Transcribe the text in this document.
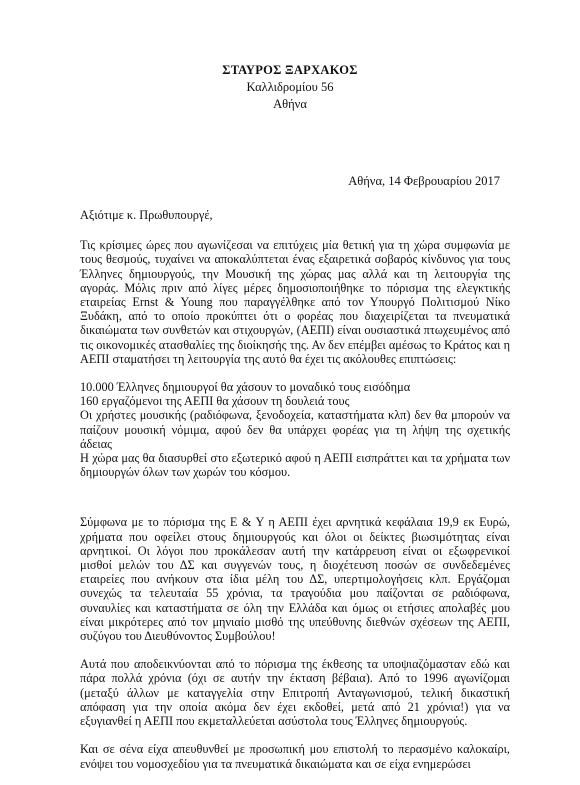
ΣΤΑΥΡΟΣ ΞΑΡΧΑΚΟΣ
Καλλιδρομίου 56
Αθήνα
Αθήνα, 14 Φεβρουαρίου 2017

Αξιότιμε κ. Πρωθυπουργέ,

Τις κρίσιμες ώρες που αγωνίζεσαι να επιτύχεις μία θετική για τη χώρα συμφωνία με τους θεσμούς, τυχαίνει να αποκαλύπτεται ένας εξαιρετικά σοβαρός κίνδυνος για τους Έλληνες δημιουργούς, την Μουσική της χώρας μας αλλά και τη λειτουργία της αγοράς. Μόλις πριν από λίγες μέρες δημοσιοποιήθηκε το πόρισμα της ελεγκτικής εταιρείας Ernst & Young που παραγγέλθηκε από τον Υπουργό Πολιτισμού Νίκο Ξυδάκη, από το οποίο προκύπτει ότι ο φορέας που διαχειρίζεται τα πνευματικά δικαιώματα των συνθετών και στιχουργών, (ΑΕΠΙ) είναι ουσιαστικά πτωχευμένος από τις οικονομικές ατασθαλίες της διοίκησής της. Αν δεν επέμβει αμέσως το Κράτος και η ΑΕΠΙ σταματήσει τη λειτουργία της αυτό θα έχει τις ακόλουθες επιπτώσεις:

10.000 Έλληνες δημιουργοί θα χάσουν το μοναδικό τους εισόδημα
160 εργαζόμενοι της ΑΕΠΙ θα χάσουν τη δουλειά τους
Οι χρήστες μουσικής (ραδιόφωνα, ξενοδοχεία, καταστήματα κλπ) δεν θα μπορούν να παίζουν μουσική νόμιμα, αφού δεν θα υπάρχει φορέας για τη λήψη της σχετικής άδειας
Η χώρα μας θα διασυρθεί στο εξωτερικό αφού η ΑΕΠΙ εισπράττει και τα χρήματα των δημιουργών όλων των χωρών του κόσμου.

Σύμφωνα με το πόρισμα της Ε & Υ η ΑΕΠΙ έχει αρνητικά κεφάλαια 19,9 εκ Ευρώ, χρήματα που οφείλει στους δημιουργούς και όλοι οι δείκτες βιωσιμότητας είναι αρνητικοί. Οι λόγοι που προκάλεσαν αυτή την κατάρρευση είναι οι εξωφρενικοί μισθοί μελών του ΔΣ και συγγενών τους, η διοχέτευση ποσών σε συνδεδεμένες εταιρείες που ανήκουν στα ίδια μέλη του ΔΣ, υπερτιμολογήσεις κλπ. Εργάζομαι συνεχώς τα τελευταία 55 χρόνια, τα τραγούδια μου παίζονται σε ραδιόφωνα, συναυλίες και καταστήματα σε όλη την Ελλάδα και όμως οι ετήσιες απολαβές μου είναι μικρότερες από τον μηνιαίο μισθό της υπεύθυνης διεθνών σχέσεων της ΑΕΠΙ, συζύγου του Διευθύνοντος Συμβούλου!

Αυτά που αποδεικνύονται από το πόρισμα της έκθεσης τα υποψιαζόμασταν εδώ και πάρα πολλά χρόνια (όχι σε αυτήν την έκταση βέβαια). Από το 1996 αγωνίζομαι (μεταξύ άλλων με καταγγελία στην Επιτροπή Ανταγωνισμού, τελική δικαστική απόφαση για την οποία ακόμα δεν έχει εκδοθεί, μετά από 21 χρόνια!) για να εξυγιανθεί η ΑΕΠΙ που εκμεταλλεύεται ασύστολα τους Έλληνες δημιουργούς.

Και σε σένα είχα απευθυνθεί με προσωπική μου επιστολή το περασμένο καλοκαίρι, ενόψει του νομοσχεδίου για τα πνευματικά δικαιώματα και σε είχα ενημερώσει
